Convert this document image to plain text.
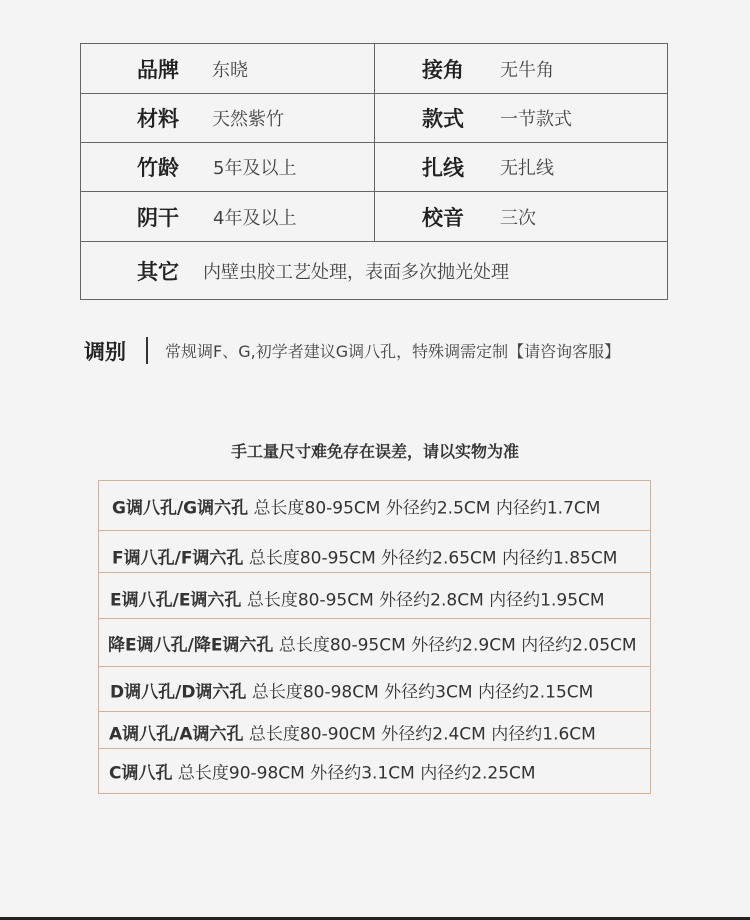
品牌 东晓	接角 无牛角
材料 天然紫竹	款式 一节款式
竹龄 5年及以上	扎线 无扎线
阴干 4年及以上	校音 三次
其它 内壁虫胶工艺处理，表面多次抛光处理
调别 常规调F、G,初学者建议G调八孔，特殊调需定制【请咨询客服】
手工量尺寸难免存在误差，请以实物为准
G调八孔/G调六孔 总长度80-95CM 外径约2.5CM 内径约1.7CM
F调八孔/F调六孔 总长度80-95CM 外径约2.65CM 内径约1.85CM
E调八孔/E调六孔 总长度80-95CM 外径约2.8CM 内径约1.95CM
降E调八孔/降E调六孔 总长度80-95CM 外径约2.9CM 内径约2.05CM
D调八孔/D调六孔 总长度80-98CM 外径约3CM 内径约2.15CM
A调八孔/A调六孔 总长度80-90CM 外径约2.4CM 内径约1.6CM
C调八孔 总长度90-98CM 外径约3.1CM 内径约2.25CM
